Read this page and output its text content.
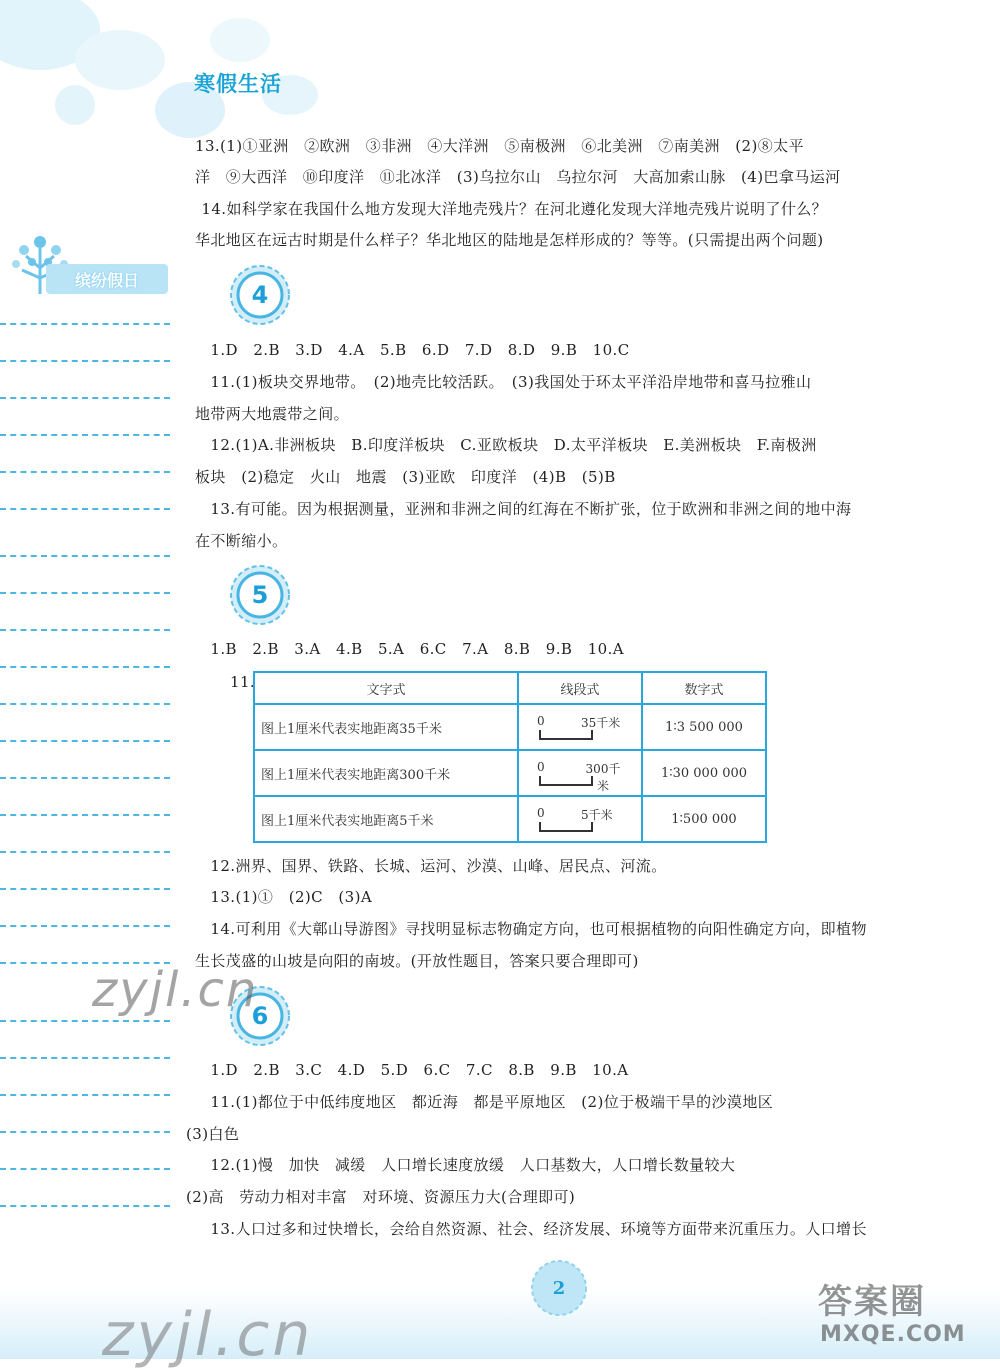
寒假生活
缤纷假日
13.(1)①亚洲　②欧洲　③非洲　④大洋洲　⑤南极洲　⑥北美洲　⑦南美洲　(2)⑧太平
洋　⑨大西洋　⑩印度洋　⑪北冰洋　(3)乌拉尔山　乌拉尔河　大高加索山脉　(4)巴拿马运河
　14.如科学家在我国什么地方发现大洋地壳残片？在河北遵化发现大洋地壳残片说明了什么？
华北地区在远古时期是什么样子？华北地区的陆地是怎样形成的？等等。(只需提出两个问题)
4
　1.D　2.B　3.D　4.A　5.B　6.D　7.D　8.D　9.B　10.C
　11.(1)板块交界地带。　(2)地壳比较活跃。　(3)我国处于环太平洋沿岸地带和喜马拉雅山
地带两大地震带之间。
　12.(1)A.非洲板块　B.印度洋板块　C.亚欧板块　D.太平洋板块　E.美洲板块　F.南极洲
板块　(2)稳定　火山　地震　(3)亚欧　印度洋　(4)B　(5)B
　13.有可能。因为根据测量，亚洲和非洲之间的红海在不断扩张，位于欧洲和非洲之间的地中海
在不断缩小。
5
　1.B　2.B　3.A　4.B　5.A　6.C　7.A　8.B　9.B　10.A
11.	文字式	线段式	数字式
图上1厘米代表实地距离35千米	0 35千米	1∶3 500 000
图上1厘米代表实地距离300千米	0 300千米	1∶30 000 000
图上1厘米代表实地距离5千米	0 5千米	1∶500 000
　12.洲界、国界、铁路、长城、运河、沙漠、山峰、居民点、河流。
　13.(1)①　(2)C　(3)A
　14.可利用《大鄣山导游图》寻找明显标志物确定方向，也可根据植物的向阳性确定方向，即植物
生长茂盛的山坡是向阳的南坡。(开放性题目，答案只要合理即可)
6
　1.D　2.B　3.C　4.D　5.D　6.C　7.C　8.B　9.B　10.A
　11.(1)都位于中低纬度地区　都近海　都是平原地区　(2)位于极端干旱的沙漠地区
(3)白色
　12.(1)慢　加快　减缓　人口增长速度放缓　人口基数大，人口增长数量较大
(2)高　劳动力相对丰富　对环境、资源压力大(合理即可)
　13.人口过多和过快增长，会给自然资源、社会、经济发展、环境等方面带来沉重压力。人口增长
2
zyjl.cn
zyjl.cn	答案圈
MXQE.COM
